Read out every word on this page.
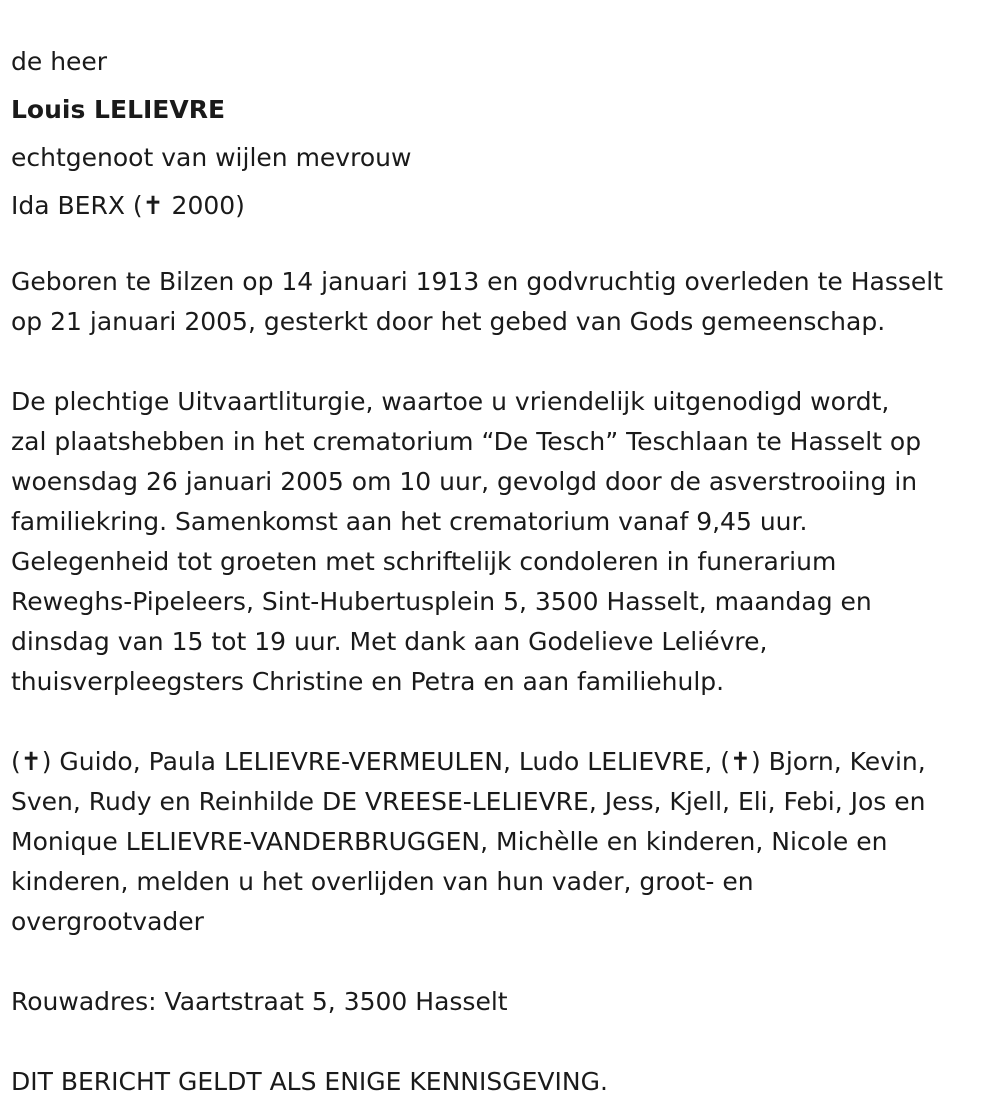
de heer

Louis LELIEVRE

echtgenoot van wijlen mevrouw

Ida BERX (✝ 2000)

Geboren te Bilzen op 14 januari 1913 en godvruchtig overleden te Hasselt

op 21 januari 2005, gesterkt door het gebed van Gods gemeenschap.

De plechtige Uitvaartliturgie, waartoe u vriendelijk uitgenodigd wordt,

zal plaatshebben in het crematorium “De Tesch” Teschlaan te Hasselt op

woensdag 26 januari 2005 om 10 uur, gevolgd door de asverstrooiing in

familiekring. Samenkomst aan het crematorium vanaf 9,45 uur.

Gelegenheid tot groeten met schriftelijk condoleren in funerarium

Reweghs-Pipeleers, Sint-Hubertusplein 5, 3500 Hasselt, maandag en

dinsdag van 15 tot 19 uur. Met dank aan Godelieve Leliévre,

thuisverpleegsters Christine en Petra en aan familiehulp.

(✝) Guido, Paula LELIEVRE-VERMEULEN, Ludo LELIEVRE, (✝) Bjorn, Kevin,

Sven, Rudy en Reinhilde DE VREESE-LELIEVRE, Jess, Kjell, Eli, Febi, Jos en

Monique LELIEVRE-VANDERBRUGGEN, Michèlle en kinderen, Nicole en

kinderen, melden u het overlijden van hun vader, groot- en

overgrootvader

Rouwadres: Vaartstraat 5, 3500 Hasselt

DIT BERICHT GELDT ALS ENIGE KENNISGEVING.
